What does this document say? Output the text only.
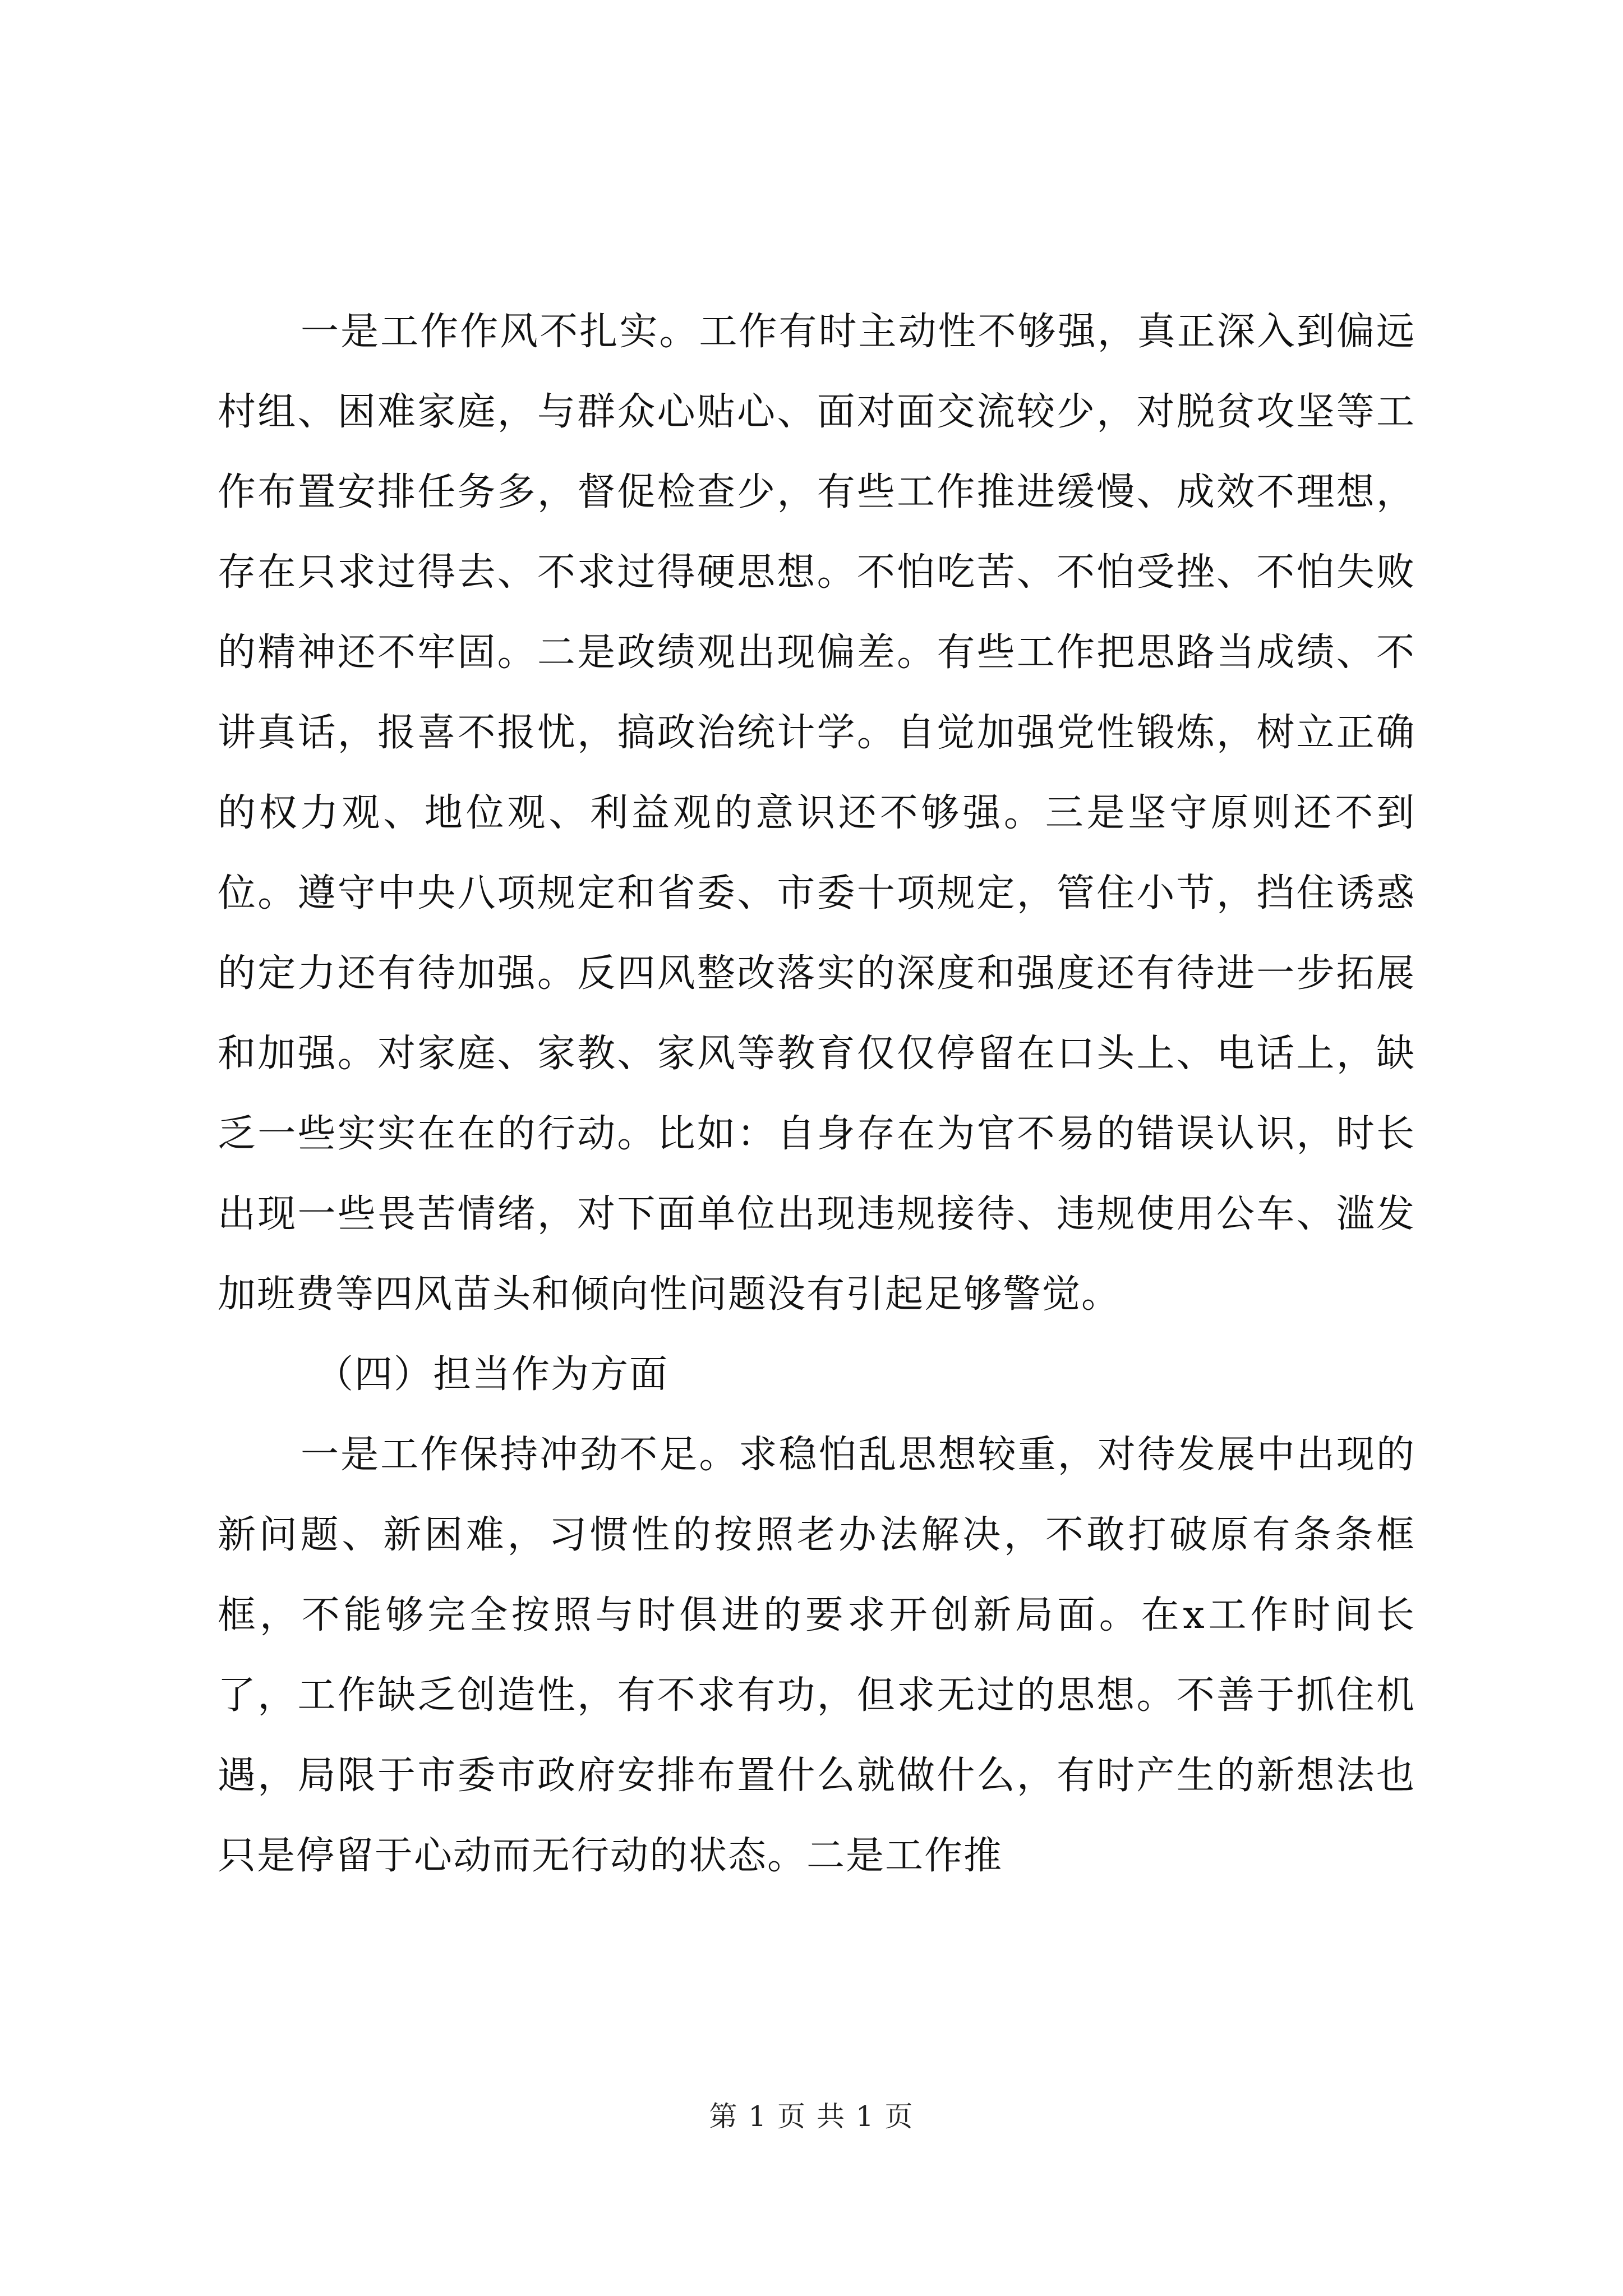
一是工作作风不扎实。工作有时主动性不够强，真正深入到偏远村组、困难家庭，与群众心贴心、面对面交流较少，对脱贫攻坚等工作布置安排任务多，督促检查少，有些工作推进缓慢、成效不理想，存在只求过得去、不求过得硬思想。不怕吃苦、不怕受挫、不怕失败的精神还不牢固。二是政绩观出现偏差。有些工作把思路当成绩、不讲真话，报喜不报忧，搞政治统计学。自觉加强党性锻炼，树立正确的权力观、地位观、利益观的意识还不够强。三是坚守原则还不到位。遵守中央八项规定和省委、市委十项规定，管住小节，挡住诱惑的定力还有待加强。反四风整改落实的深度和强度还有待进一步拓展和加强。对家庭、家教、家风等教育仅仅停留在口头上、电话上，缺乏一些实实在在的行动。比如：自身存在为官不易的错误认识，时长出现一些畏苦情绪，对下面单位出现违规接待、违规使用公车、滥发加班费等四风苗头和倾向性问题没有引起足够警觉。

（四）担当作为方面

一是工作保持冲劲不足。求稳怕乱思想较重，对待发展中出现的新问题、新困难，习惯性的按照老办法解决，不敢打破原有条条框框，不能够完全按照与时俱进的要求开创新局面。在x工作时间长了，工作缺乏创造性，有不求有功，但求无过的思想。不善于抓住机遇，局限于市委市政府安排布置什么就做什么，有时产生的新想法也只是停留于心动而无行动的状态。二是工作推

第 1 页 共 1 页
